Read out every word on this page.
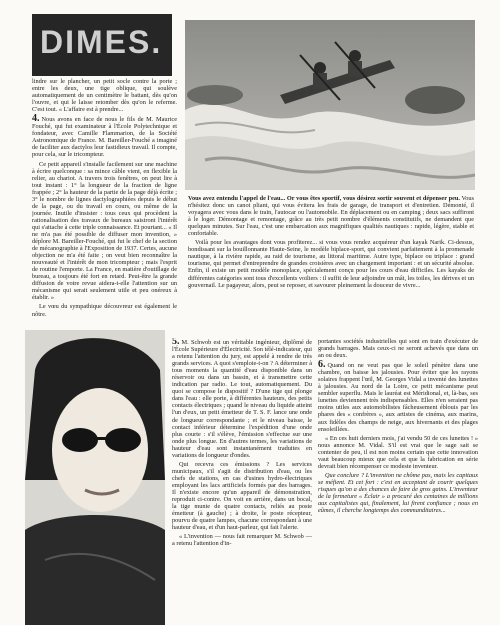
DIMES.

lindre sur le plancher, un petit socle contre la porte ; entre les deux, une tige oblique, qui soulève automatiquement de un centimètre le battant, dès qu'on l'ouvre, et qui le laisse retomber dès qu'on le referme. C'est tout. « L'affaire est à prendre...

4. Nous avons en face de nous le fils de M. Maurice Fouché, qui fut examinateur à l'École Polytechnique et fondateur, avec Camille Flammarion, de la Société Astronomique de France. M. Bareiller-Fouché a imaginé de faciliter aux dactylos leur fastidieux travail. Il compte, pour cela, sur le tricompteur.

Ce petit appareil s'installe facilement sur une machine à écrire quelconque : sa mince câble vient, en flexible la relier, au chariot. A travers trois fenêtres, on peut lire à tout instant : 1° la longueur de la fraction de ligne frappée ; 2° la hauteur de la partie de la page déjà écrite ; 3° le nombre de lignes dactylographiées depuis le début de la page, ou du travail en cours, ou même de la journée. Inutile d'insister : tous ceux qui procèdent la rationalisation des travaux de bureaux saisiront l'intérêt qui s'attache à cette triple connaissance. Et pourtant... « Il ne m'a pas été possible de diffuser mon invention, » déplore M. Bareiller-Fouché, qui fut le chef de la section de mécanographie à l'Exposition de 1937. Certes, aucune objection ne m'a été faite ; on veut bien reconnaître la nouveauté et l'intérêt de mon tricompteur ; mais l'esprit de routine l'emporte. La France, en matière d'outillage de bureau, a toujours été fort en retard. Peut-être la grande diffusion de votre revue aidera-t-elle l'attention sur un mécanisme qui serait seulement utile et peu onéreux à établir. »

Le vœu du sympathique découvreur est également le nôtre.

Vous avez entendu l'appel de l'eau... Or vous êtes sportif, vous désirez sortir souvent et dépenser peu. Vous n'hésitez donc un canot pliant, qui vous évitera les frais de garage, de transport et d'entretien. Démonté, il voyagera avec vous dans le train, l'autocar ou l'automobile. En déplacement ou en camping ; deux sacs suffiront à le loger. Démontage et remontage, grâce au très petit nombre d'éléments constitutifs, ne demandent que quelques minutes. Sur l'eau, c'est une embarcation aux magnifiques qualités nautiques : rapide, légère, stable et confortable.

Voilà pour les avantages dont vous profiterez... si vous vous rendez acquéreur d'un kayak Narik. Ci-dessus, bondissant sur la bouillonnante Haute-Seine, le modèle biplace-sport, qui convient parfaitement à la promenade nautique, à la rivière rapide, au raid de tourisme, au littoral maritime. Autre type, biplace ou triplace : grand tourisme, qui permet d'entreprendre de grandes croisières avec un chargement important : et un sécurité absolue. Enfin, il existe un petit modèle monoplace, spécialement conçu pour les cours d'eau difficiles. Les kayaks de différentes catégories sont tous d'excellents voiliers : il suffit de leur adjoindre un mât, les toiles, les dérives et un gouvernail. Le pagayeur, alors, peut se reposer, et savourer pleinement la douceur de vivre...

5. M. Schwob est un véritable ingénieur, diplômé de l'École Supérieure d'Électricité. Son télé-indicateur, qui a retenu l'attention du jury, est appelé à rendre de très grands services. A quoi s'emploie-t-on ? A déterminer à tous moments la quantité d'eau disponible dans un réservoir ou dans un bassin, et à transmettre cette indication par radio. Le tout, automatiquement. Du quoi se compose le dispositif ? D'une tige qui plonge dans l'eau : elle porte, à différentes hauteurs, des petits contacts électriques ; quand le niveau du liquide atteint l'un d'eux, un petit émetteur de T. S. F. lance une onde de longueur correspondante ; et le niveau baisse, le contact inférieur détermine l'expédition d'une onde plus courte : s'il s'élève, l'émission s'effectue sur une onde plus longue. En d'autres termes, les variations de hauteur d'eau sont instantanément traduites en variations de longueur d'ondes.

Qui recevra ces émissions ? Les services municipaux, s'il s'agit de distribution d'eau, ou les chefs de stations, en cas d'usines hydro-électriques employant les lacs artificiels formés par des barrages. Il n'existe encore qu'un appareil de démonstration, reproduit ci-contre. On voit en arrière, dans un bocal, la tige munie de quatre contacts, reliés au poste émetteur (à gauche) ; à droite, le poste récepteur, pourvu de quatre lampes, chacune correspondant à une hauteur d'eau, et d'un haut-parleur, qui fait l'alerte.

« L'invention — nous fait remarquer M. Schwob — a retenu l'attention d'in-

portantes sociétés industrielles qui sont en train d'exécuter de grands barrages. Mais ceux-ci ne seront achevés que dans un an ou deux.

6. Quand on ne veut pas que le soleil pénètre dans une chambre, on baisse les jalousies. Pour éviter que les rayons solaires frappent l'œil, M. Georges Vidal a inventé des lunettes à jalousies. Au nord de la Loire, ce petit mécanisme peut sembler superflu. Mais le lauréat est Méridional, et, là-bas, ses lunettes deviennent très indispensables. Elles n'en seraient pas moins utiles aux automobilistes fâcheusement éblouis par les phares des « confrères », aux artistes de cinéma, aux marins, aux fidèles des champs de neige, aux hivernants et des plages ensoleillées.

« En ces huit derniers mois, j'ai vendu 50 de ces lunettes ! » nous annonce M. Vidal. S'il est vrai que le sage sait se contenter de peu, il est non moins certain que cette innovation vaut beaucoup mieux que cela et que la fabrication en série devrait bien récompenser ce modeste inventeur.

Que conclure ? L'invention ne chôme pas, mais les capitaux se méfient. Et cet fort : c'est en acceptant de courir quelques risques qu'on a des chances de faire de gros gains. L'inventeur de la fermeture « Éclair » a procuré des centaines de millions aux capitalistes qui, finalement, lui firent confiance ; nous en eûmes, il cherche longtemps des commanditaires...
